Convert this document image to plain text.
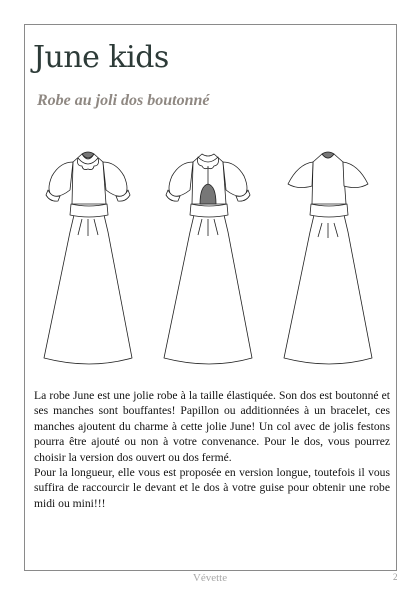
June kids
Robe au joli dos boutonné

La robe June est une jolie robe à la taille élastiquée. Son dos est boutonné et ses manches sont bouffantes! Papillon ou additionnées à un bracelet, ces manches ajoutent du charme à cette jolie June! Un col avec de jolis festons pourra être ajouté ou non à votre convenance. Pour le dos, vous pourrez choisir la version dos ouvert ou dos fermé.

Pour la longueur, elle vous est proposée en version longue, toutefois il vous suffira de raccourcir le devant et le dos à votre guise pour obtenir une robe midi ou mini!!!

Vévette	2
